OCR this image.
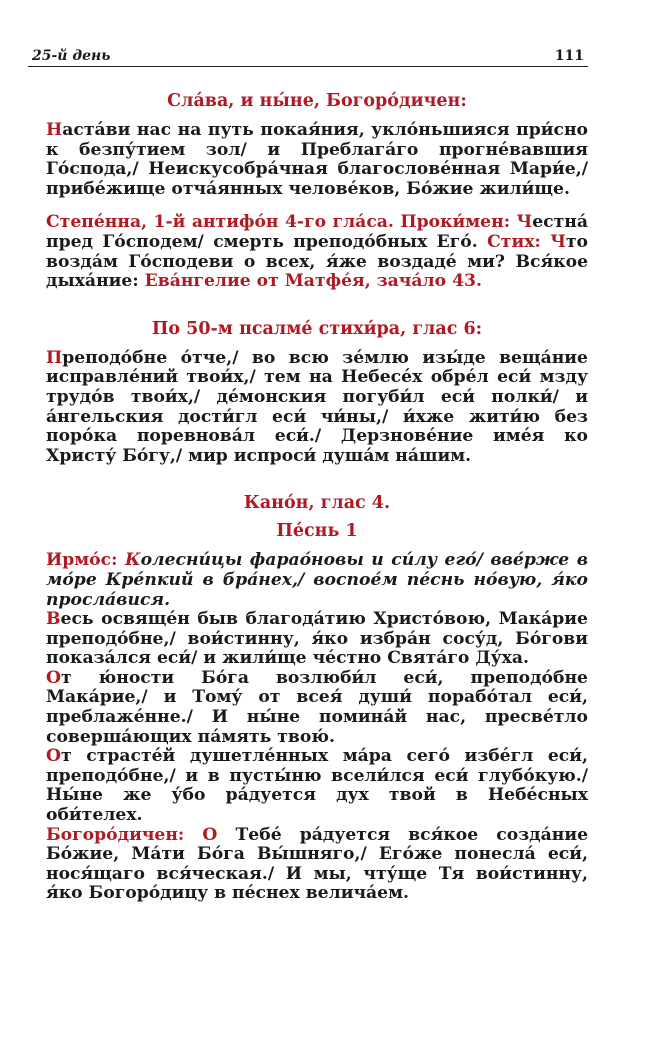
25-й день	111

Сла́ва, и ны́не, Богоро́дичен:

Настáви нас на путь покая́ния, укло́ньшияся при́сно к безпу́тием зол/ и Преблага́го прогнéвавшия Го́спода,/ Неискусобра́чная благословéнная Мари́е,/ прибéжище отча́янных человéков, Бо́жие жили́ще.

Степéнна, 1-й антифо́н 4-го гла́са. Проки́мен: Честна́ пред Го́сподем/ смерть преподо́бных Его́. Стих: Что возда́м Го́сподеви о всех, я́же воздадé ми? Вся́кое дыха́ние: Ева́нгелие от Матфе́я, зача́ло 43.

По 50-м псалмé стихи́ра, глас 6:

Преподо́бне о́тче,/ во всю зéмлю изы́де веща́ние исправлéний твои́х,/ тем на Небесéх обрéл еси́ мзду трудо́в твои́х,/ дéмонския погуби́л еси́ полки́/ и а́нгельския дости́гл еси́ чи́ны,/ и́хже жити́ю без поро́ка поревнова́л еси́./ Дерзновéние имéя ко Христу́ Бо́гу,/ мир испроси́ душа́м на́шим.

Кано́н, глас 4.

Пéснь 1

Ирмо́с: Колесни́цы фарао́новы и си́лу его́/ вве́рже в мо́ре Крéпкий в бра́нех,/ воспое́м пéснь но́вую, я́ко просла́вися.

Весь освящéн быв благода́тию Христо́вою, Мака́рие преподо́бне,/ вои́стинну, я́ко избра́н сосу́д, Бо́гови показа́лся еси́/ и жили́ще чéстно Свята́го Ду́ха.

От ю́ности Бо́га возлюби́л еси́, преподо́бне Мака́рие,/ и Тому́ от всея́ души́ порабо́тал еси́, преблажéнне./ И ны́не помина́й нас, пресвéтло соверша́ющих па́мять твою́.

От страстéй душетлéнных ма́ра сего́ избéгл еси́, преподо́бне,/ и в пусты́ню всели́лся еси́ глубо́кую./ Ны́не же у́бо ра́дуется дух твой в Небéсных оби́телех.

Богоро́дичен: О Тебé ра́дуется вся́кое созда́ние Бо́жие, Ма́ти Бо́га Вы́шняго,/ Его́же понесла́ еси́, нося́щаго вся́ческая./ И мы, чту́ще Тя вои́стинну, я́ко Богоро́дицу в пéснех велича́ем.
